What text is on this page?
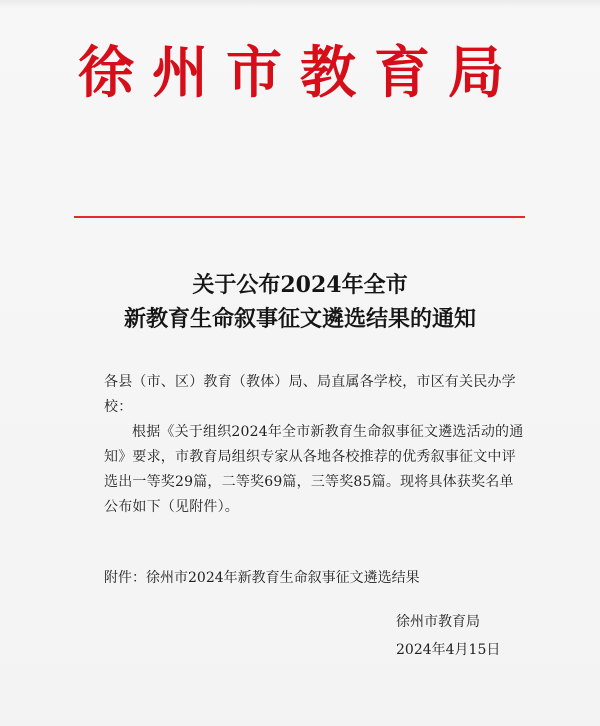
徐州市教育局
关于公布2024年全市
新教育生命叙事征文遴选结果的通知

各县（市、区）教育（教体）局、局直属各学校，市区有关民办学校：

根据《关于组织2024年全市新教育生命叙事征文遴选活动的通知》要求，市教育局组织专家从各地各校推荐的优秀叙事征文中评选出一等奖29篇，二等奖69篇，三等奖85篇。现将具体获奖名单公布如下（见附件）。

附件：徐州市2024年新教育生命叙事征文遴选结果
徐州市教育局
2024年4月15日
